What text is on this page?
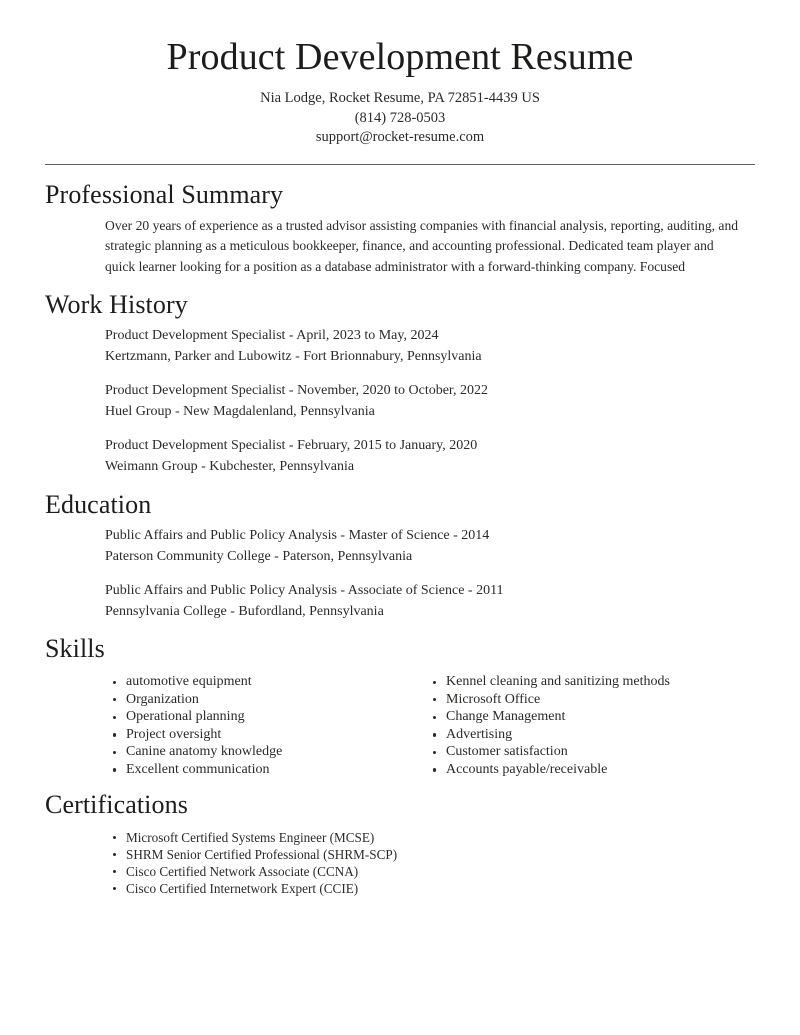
Product Development Resume
Nia Lodge, Rocket Resume, PA 72851-4439 US
(814) 728-0503
support@rocket-resume.com
Professional Summary

Over 20 years of experience as a trusted advisor assisting companies with financial analysis, reporting, auditing, and strategic planning as a meticulous bookkeeper, finance, and accounting professional. Dedicated team player and quick learner looking for a position as a database administrator with a forward-thinking company. Focused

Work History
Product Development Specialist - April, 2023 to May, 2024
Kertzmann, Parker and Lubowitz - Fort Brionnabury, Pennsylvania
Product Development Specialist - November, 2020 to October, 2022
Huel Group - New Magdalenland, Pennsylvania
Product Development Specialist - February, 2015 to January, 2020
Weimann Group - Kubchester, Pennsylvania
Education
Public Affairs and Public Policy Analysis - Master of Science - 2014
Paterson Community College - Paterson, Pennsylvania
Public Affairs and Public Policy Analysis - Associate of Science - 2011
Pennsylvania College - Bufordland, Pennsylvania
Skills
automotive equipment
Organization
Operational planning
Project oversight
Canine anatomy knowledge
Excellent communication
Kennel cleaning and sanitizing methods
Microsoft Office
Change Management
Advertising
Customer satisfaction
Accounts payable/receivable
Certifications
Microsoft Certified Systems Engineer (MCSE)
SHRM Senior Certified Professional (SHRM-SCP)
Cisco Certified Network Associate (CCNA)
Cisco Certified Internetwork Expert (CCIE)
